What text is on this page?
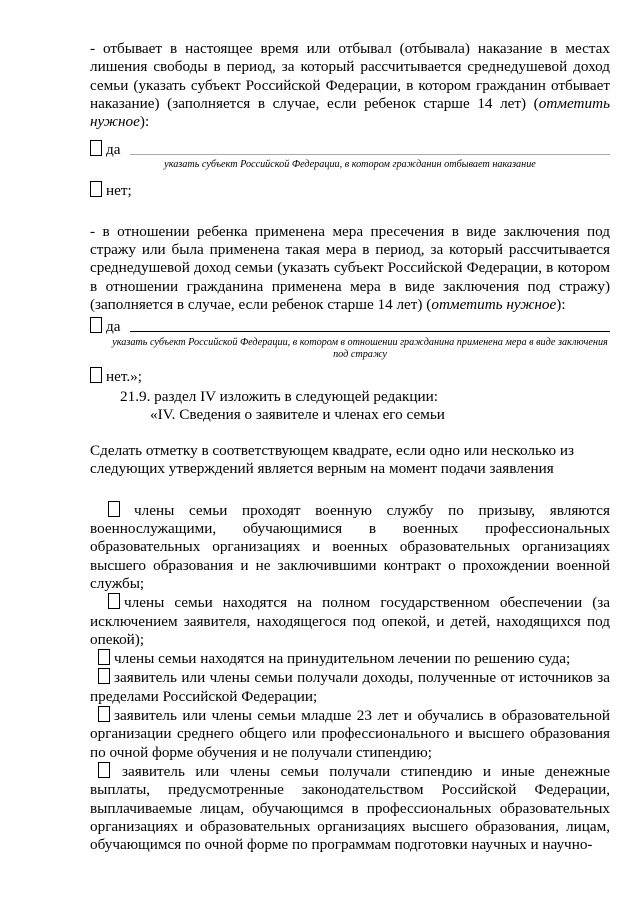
- отбывает в настоящее время или отбывал (отбывала) наказание в местах лишения свободы в период, за который рассчитывается среднедушевой доход семьи (указать субъект Российской Федерации, в котором гражданин отбывает наказание) (заполняется в случае, если ребенок старше 14 лет) (отметить нужное):

да
указать субъект Российской Федерации, в котором гражданин отбывает наказание
нет;

- в отношении ребенка применена мера пресечения в виде заключения под стражу или была применена такая мера в период, за который рассчитывается среднедушевой доход семьи (указать субъект Российской Федерации, в котором в отношении гражданина применена мера в виде заключения под стражу) (заполняется в случае, если ребенок старше 14 лет) (отметить нужное):

да
указать субъект Российской Федерации, в котором в отношении гражданина применена мера в виде заключения под стражу
нет.»;

21.9. раздел IV изложить в следующей редакции:

«IV. Сведения о заявителе и членах его семьи

Сделать отметку в соответствующем квадрате, если одно или несколько из следующих утверждений является верным на момент подачи заявления

члены семьи проходят военную службу по призыву, являются военнослужащими, обучающимися в военных профессиональных образовательных организациях и военных образовательных организациях высшего образования и не заключившими контракт о прохождении военной службы;

члены семьи находятся на полном государственном обеспечении (за исключением заявителя, находящегося под опекой, и детей, находящихся под опекой);

члены семьи находятся на принудительном лечении по решению суда;

заявитель или члены семьи получали доходы, полученные от источников за пределами Российской Федерации;

заявитель или члены семьи младше 23 лет и обучались в образовательной организации среднего общего или профессионального и высшего образования по очной форме обучения и не получали стипендию;

заявитель или члены семьи получали стипендию и иные денежные выплаты, предусмотренные законодательством Российской Федерации, выплачиваемые лицам, обучающимся в профессиональных образовательных организациях и образовательных организациях высшего образования, лицам, обучающимся по очной форме по программам подготовки научных и научно-
